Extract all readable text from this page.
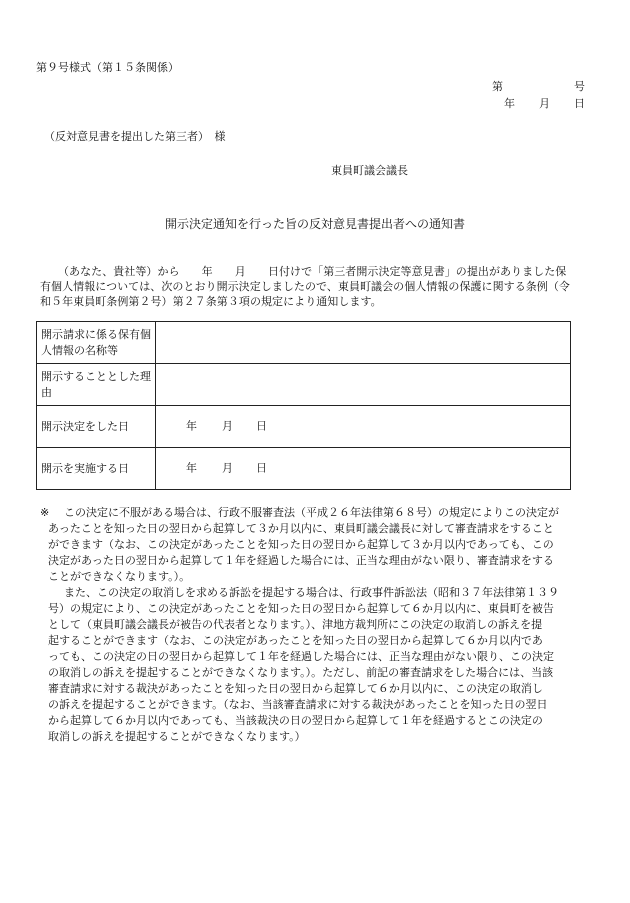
第９号様式（第１５条関係）
第	号
年 月 日
（反対意見書を提出した第三者）　様
東員町議会議長
開示決定通知を行った旨の反対意見書提出者への通知書
（あなた、貴社等）から　　年　　月　　日付けで「第三者開示決定等意見書」の提出がありました保
有個人情報については、次のとおり開示決定しましたので、東員町議会の個人情報の保護に関する条例（令
和５年東員町条例第２号）第２７条第３項の規定により通知します。
開示請求に係る保有個人情報の名称等	
開示することとした理由	
開示決定をした日	年 月 日

開示を実施する日	年 月 日
※	この決定に不服がある場合は、行政不服審査法（平成２６年法律第６８号）の規定によりこの決定が
あったことを知った日の翌日から起算して３か月以内に、東員町議会議長に対して審査請求をすること
ができます（なお、この決定があったことを知った日の翌日から起算して３か月以内であっても、この
決定があった日の翌日から起算して１年を経過した場合には、正当な理由がない限り、審査請求をする
ことができなくなります。）。
また、この決定の取消しを求める訴訟を提起する場合は、行政事件訴訟法（昭和３７年法律第１３９
号）の規定により、この決定があったことを知った日の翌日から起算して６か月以内に、東員町を被告
として（東員町議会議長が被告の代表者となります。）、津地方裁判所にこの決定の取消しの訴えを提
起することができます（なお、この決定があったことを知った日の翌日から起算して６か月以内であ
っても、この決定の日の翌日から起算して１年を経過した場合には、正当な理由がない限り、この決定
の取消しの訴えを提起することができなくなります。）。ただし、前記の審査請求をした場合には、当該
審査請求に対する裁決があったことを知った日の翌日から起算して６か月以内に、この決定の取消し
の訴えを提起することができます。（なお、当該審査請求に対する裁決があったことを知った日の翌日
から起算して６か月以内であっても、当該裁決の日の翌日から起算して１年を経過するとこの決定の
取消しの訴えを提起することができなくなります。）
